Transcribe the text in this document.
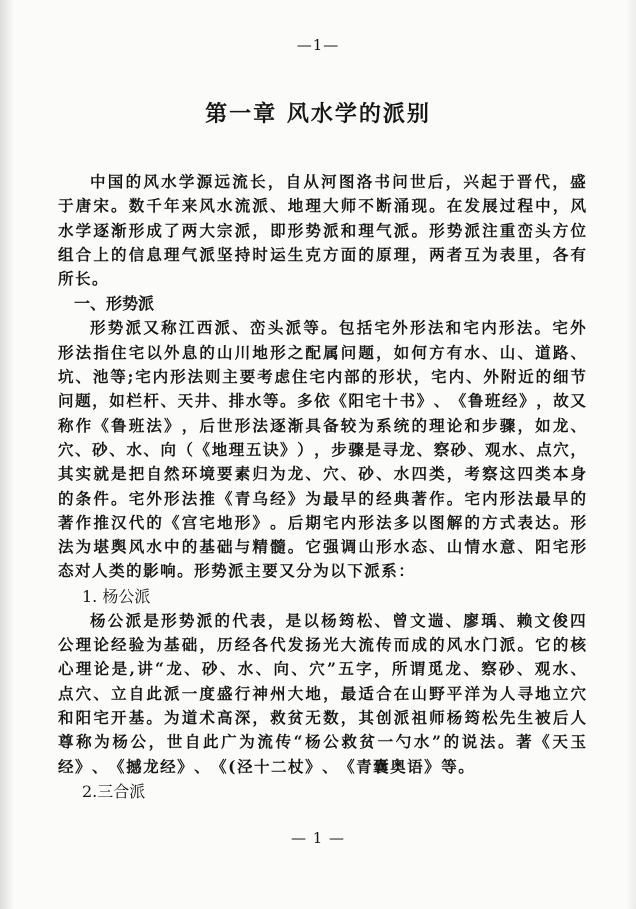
—1—
第一章 风水学的派别
中 国 的 风 水 学 源 远 流 长 ， 自 从 河 图 洛 书 问 世 后 ， 兴 起 于 晋 代 ， 盛
于 唐 宋 。 数 千 年 来 风 水 流 派 、 地 理 大 师 不 断 涌 现 。 在 发 展 过 程 中 ， 风
水 学 逐 渐 形 成 了 两 大 宗 派 ， 即 形 势 派 和 理 气 派 。 形 势 派 注 重 峦 头 方 位
组 合 上 的 信 息 理 气 派 坚 持 时 运 生 克 方 面 的 原 理 ， 两 者 互 为 表 里 ， 各 有
所 长 。
一、形势派
形 势 派 又 称 江 西 派 、 峦 头 派 等 。 包 括 宅 外 形 法 和 宅 内 形 法 。 宅 外
形 法 指 住 宅 以 外 息 的 山 川 地 形 之 配 属 问 题 ， 如 何 方 有 水 、 山 、 道 路 、
坑 、 池 等 ; 宅 内 形 法 则 主 要 考 虑 住 宅 内 部 的 形 状 ， 宅 内 、 外 附 近 的 细 节
问 题 ， 如 栏 杆 、 天 井 、 排 水 等 。 多 依 《 阳 宅 十 书 》 、 《 鲁 班 经 》 ， 故 又
称 作 《 鲁 班 法 》 ， 后 世 形 法 逐 渐 具 备 较 为 系 统 的 理 论 和 步 骤 ， 如 龙 、
穴 、 砂 、 水 、 向 （ 《 地 理 五 诀 》 ） ， 步 骤 是 寻 龙 、 察 砂 、 观 水 、 点 穴 ，
其 实 就 是 把 自 然 环 境 要 素 归 为 龙 、 穴 、 砂 、 水 四 类 ， 考 察 这 四 类 本 身
的 条 件 。 宅 外 形 法 推 《 青 乌 经 》 为 最 早 的 经 典 著 作 。 宅 内 形 法 最 早 的
著 作 推 汉 代 的 《 宫 宅 地 形 》 。 后 期 宅 内 形 法 多 以 图 解 的 方 式 表 达 。 形
法 为 堪 舆 风 水 中 的 基 础 与 精 髓 。 它 强 调 山 形 水 态 、 山 情 水 意 、 阳 宅 形
态 对 人 类 的 影 响 。 形 势 派 主 要 又 分 为 以 下 派 系 ：
1. 杨公派
杨 公 派 是 形 势 派 的 代 表 ， 是 以 杨 筠 松 、 曾 文 遄 、 廖 瑀 、 赖 文 俊 四
公 理 论 经 验 为 基 础 ， 历 经 各 代 发 扬 光 大 流 传 而 成 的 风 水 门 派 。 它 的 核
心 理 论 是 , 讲 “ 龙 、 砂 、 水 、 向 、 穴 ” 五 字 ， 所 谓 觅 龙 、 察 砂 、 观 水 、
点 穴 、 立 自 此 派 一 度 盛 行 神 州 大 地 ， 最 适 合 在 山 野 平 洋 为 人 寻 地 立 穴
和 阳 宅 开 基 。 为 道 术 高 深 ， 救 贫 无 数 ， 其 创 派 祖 师 杨 筠 松 先 生 被 后 人
尊 称 为 杨 公 ， 世 自 此 广 为 流 传 “ 杨 公 救 贫 一 勺 水 ” 的 说 法 。 著 《 天 玉
经 》 、 《 撼 龙 经 》 、 《 ( 泾 十 二 杖 》 、 《 青 囊 奥 语 》 等 。
2.三合派
— 1 —
